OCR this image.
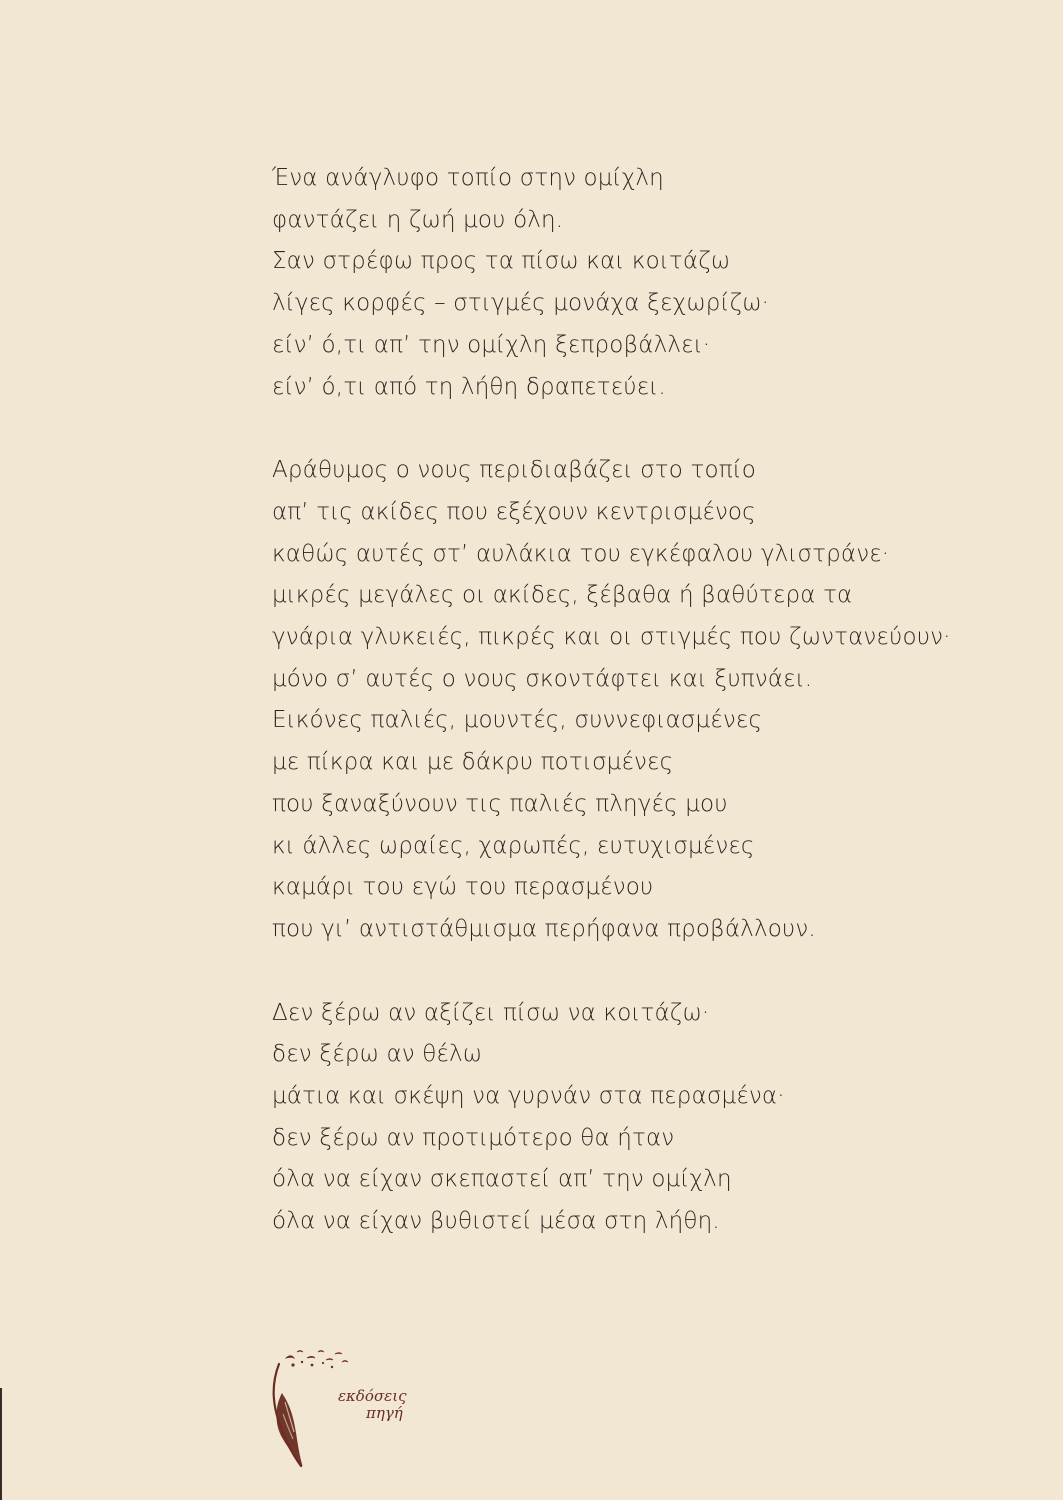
Ένα ανάγλυφο τοπίο στην ομίχλη
φαντάζει η ζωή μου όλη.
Σαν στρέφω προς τα πίσω και κοιτάζω
λίγες κορφές – στιγμές μονάχα ξεχωρίζω·
είν’ ό,τι απ’ την ομίχλη ξεπροβάλλει·
είν’ ό,τι από τη λήθη δραπετεύει.
Αράθυμος ο νους περιδιαβάζει στο τοπίο
απ’ τις ακίδες που εξέχουν κεντρισμένος
καθώς αυτές στ’ αυλάκια του εγκέφαλου γλιστράνε·
μικρές μεγάλες οι ακίδες, ξέβαθα ή βαθύτερα τα
γνάρια γλυκειές, πικρές και οι στιγμές που ζωντανεύουν·
μόνο σ’ αυτές ο νους σκοντάφτει και ξυπνάει.
Εικόνες παλιές, μουντές, συννεφιασμένες
με πίκρα και με δάκρυ ποτισμένες
που ξαναξύνουν τις παλιές πληγές μου
κι άλλες ωραίες, χαρωπές, ευτυχισμένες
καμάρι του εγώ του περασμένου
που γι’ αντιστάθμισμα περήφανα προβάλλουν.
Δεν ξέρω αν αξίζει πίσω να κοιτάζω·
δεν ξέρω αν θέλω
μάτια και σκέψη να γυρνάν στα περασμένα·
δεν ξέρω αν προτιμότερο θα ήταν
όλα να είχαν σκεπαστεί απ’ την ομίχλη
όλα να είχαν βυθιστεί μέσα στη λήθη.
εκδόσεις
πηγή
